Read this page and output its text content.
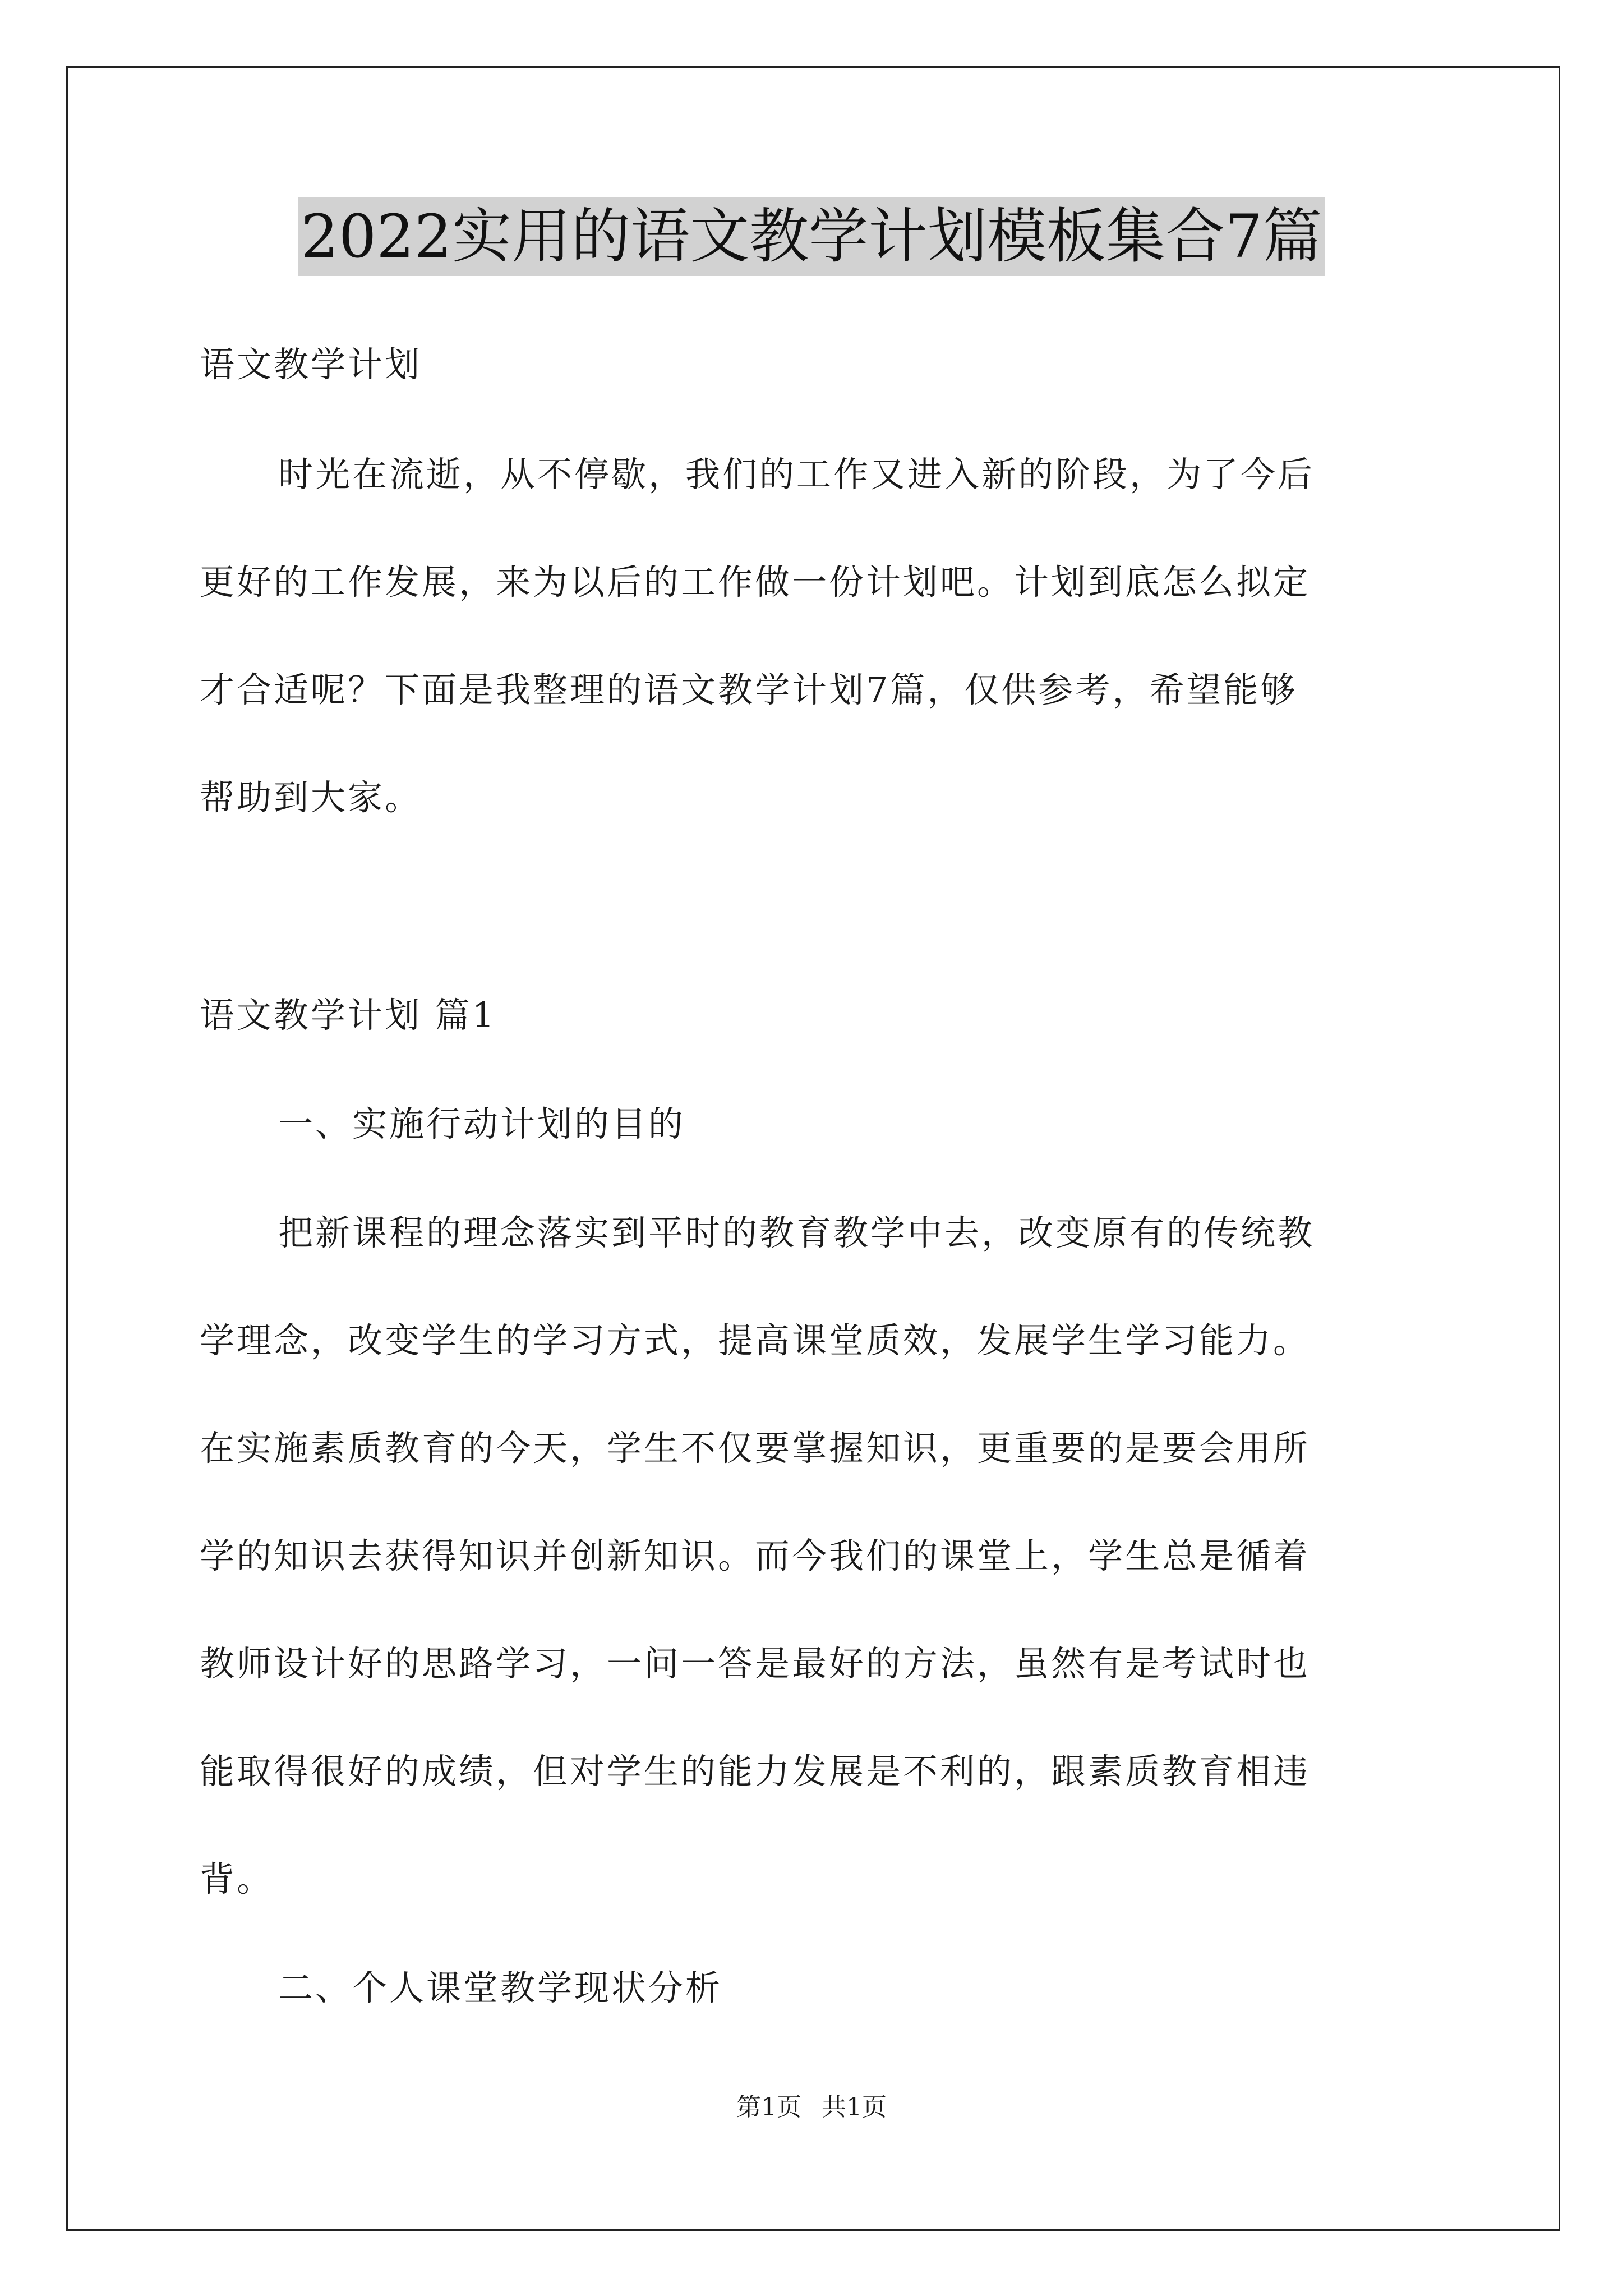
2022实用的语文教学计划模板集合7篇
语文教学计划
时光在流逝，从不停歇，我们的工作又进入新的阶段，为了今后
更好的工作发展，来为以后的工作做一份计划吧。计划到底怎么拟定
才合适呢？下面是我整理的语文教学计划7篇，仅供参考，希望能够
帮助到大家。
语文教学计划 篇1
一、实施行动计划的目的
把新课程的理念落实到平时的教育教学中去，改变原有的传统教
学理念，改变学生的学习方式，提高课堂质效，发展学生学习能力。
在实施素质教育的今天，学生不仅要掌握知识，更重要的是要会用所
学的知识去获得知识并创新知识。而今我们的课堂上，学生总是循着
教师设计好的思路学习，一问一答是最好的方法，虽然有是考试时也
能取得很好的成绩，但对学生的能力发展是不利的，跟素质教育相违
背。
二、个人课堂教学现状分析
第1页 共1页
